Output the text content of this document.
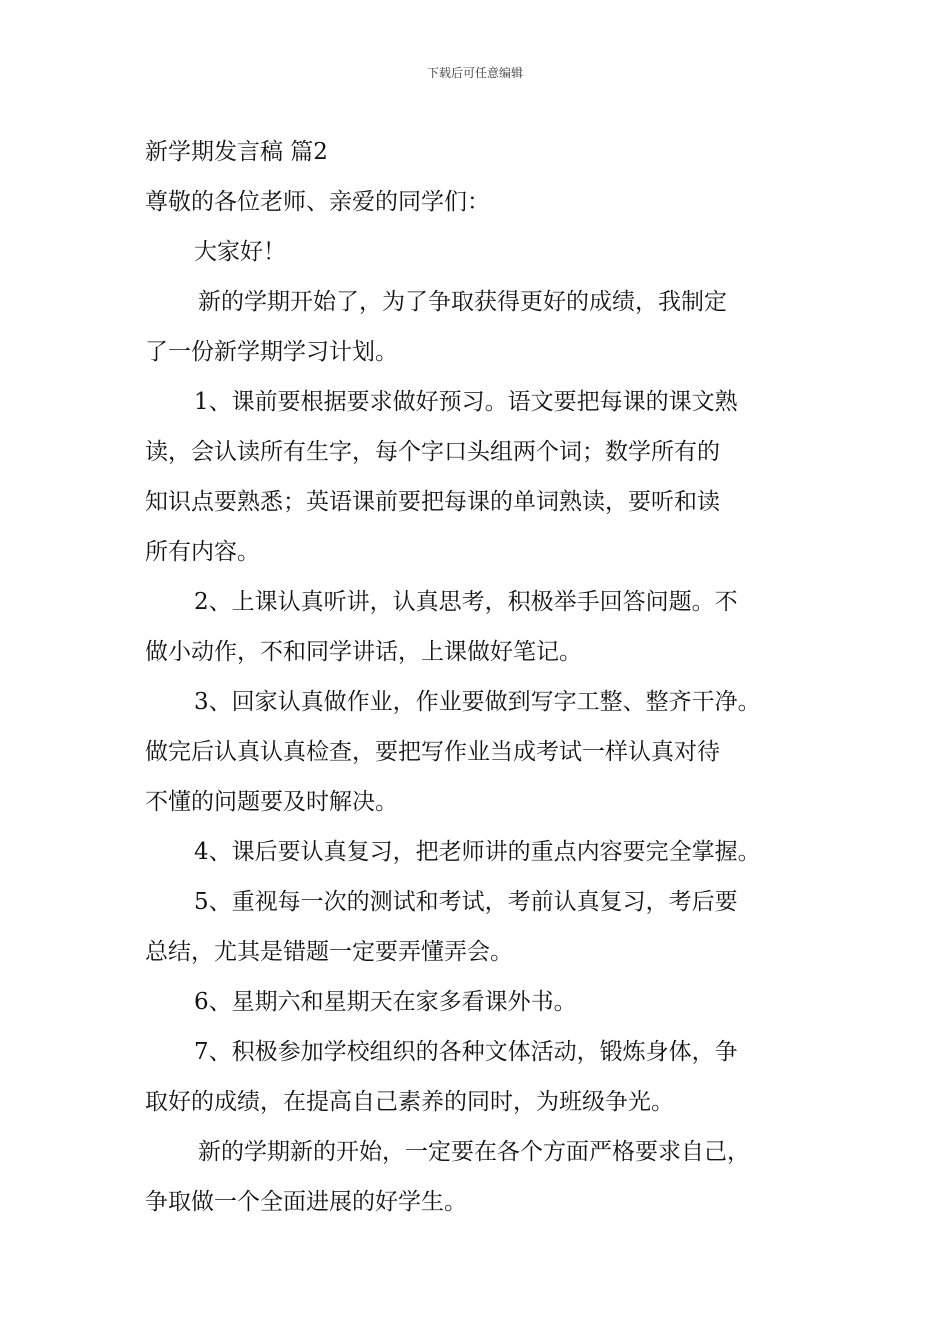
下载后可任意编辑
新学期发言稿 篇2
尊敬的各位老师、亲爱的同学们：
大家好！
新的学期开始了，为了争取获得更好的成绩，我制定
了一份新学期学习计划。
1、课前要根据要求做好预习。语文要把每课的课文熟
读，会认读所有生字，每个字口头组两个词；数学所有的
知识点要熟悉；英语课前要把每课的单词熟读，要听和读
所有内容。
2、上课认真听讲，认真思考，积极举手回答问题。不
做小动作，不和同学讲话，上课做好笔记。
3、回家认真做作业，作业要做到写字工整、整齐干净。
做完后认真认真检查，要把写作业当成考试一样认真对待
不懂的问题要及时解决。
4、课后要认真复习，把老师讲的重点内容要完全掌握。
5、重视每一次的测试和考试，考前认真复习，考后要
总结，尤其是错题一定要弄懂弄会。
6、星期六和星期天在家多看课外书。
7、积极参加学校组织的各种文体活动，锻炼身体，争
取好的成绩，在提高自己素养的同时，为班级争光。
新的学期新的开始，一定要在各个方面严格要求自己，
争取做一个全面进展的好学生。
